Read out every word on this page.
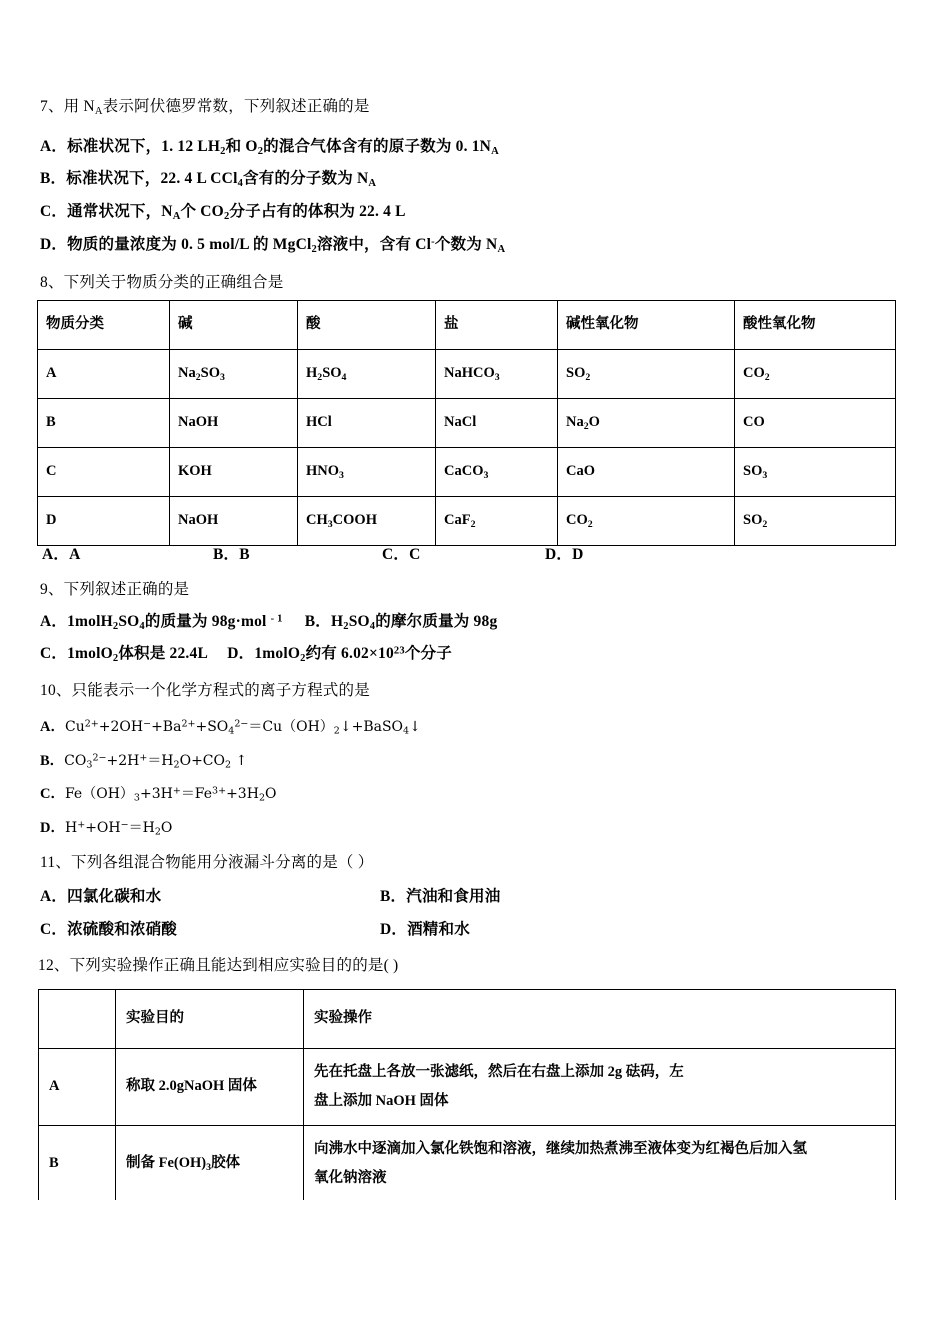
7、用 $N_A$表示阿伏德罗常数，下列叙述正确的是
A．标准状况下，1. 12 $LH_2$和 $O_2$的混合气体含有的原子数为 0. $1N_A$
B．标准状况下，22. 4 L CCl$_4$含有的分子数为 $N_A$
C．通常状况下，$N_A$个 $CO_2$分子占有的体积为 22. 4 L
D．物质的量浓度为 0. 5 mol/L 的 MgCl$_2$溶液中，含有 Cl-个数为 $N_A$
8、下列关于物质分类的正确组合是
物质分类	碱	酸	盐	碱性氧化物	酸性氧化物
A	$Na_2SO_3$	$H_2SO_4$	NaHCO$_3$	$SO_2$	$CO_2$
B	NaOH	HCl	NaCl	$Na_2O$	CO
C	KOH	$HNO_3$	CaCO$_3$	CaO	$SO_3$
D	NaOH	$CH_3COOH$	CaF$_2$	$CO_2$	$SO_2$
A．A	B．B	C．C	D．D
9、下列叙述正确的是
A．$1molH_2SO_4$的质量为 98g·mol $^{- 1}$ B．$H_2SO_4$的摩尔质量为 98g
C．1molO$_2$体积是 22.4L D．1molO$_2$约有 $6.02\times 10^{23}$个分子
10、只能表示一个化学方程式的离子方程式的是
A．$Cu^{2+}+2OH^-+Ba^{2+}+SO_4^{2-}=Cu(OH)_2↓+BaSO_4↓$
B．$CO_3^{2-}+2H^+=H_2O+CO_2$ ↑
C．$Fe(OH)_3+3H^+=Fe^{3+}+3H_2O$
D．$H^++OH^-=H_2O$
11、下列各组混合物能用分液漏斗分离的是（ ）
A．四氯化碳和水	B．汽油和食用油
C．浓硫酸和浓硝酸	D．酒精和水
12、下列实验操作正确且能达到相应实验目的的是( )
	实验目的	实验操作
A	称取 2.0gNaOH 固体	先在托盘上各放一张滤纸，然后在右盘上添加 2g 砝码，左
盘上添加 NaOH 固体
B	制备 $Fe(OH)_3$胶体	向沸水中逐滴加入氯化铁饱和溶液，继续加热煮沸至液体变为红褐色后加入氢
氧化钠溶液
